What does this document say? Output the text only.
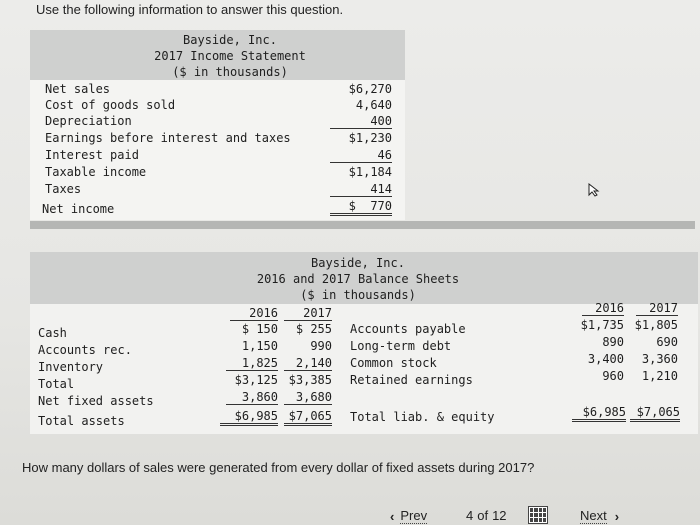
Use the following information to answer this question.
Bayside, Inc.
2017 Income Statement
($ in thousands)
Net sales	$6,270
Cost of goods sold	4,640
Depreciation	400
Earnings before interest and taxes	$1,230
Interest paid	46
Taxable income	$1,184
Taxes	414
Net income	$  770
Bayside, Inc.
2016 and 2017 Balance Sheets
($ in thousands)
2016	2017
Cash	$ 150	$ 255
Accounts rec.	1,150	990
Inventory	1,825	2,140
Total	$3,125 $3,385
Net fixed assets	3,860	3,680
Total assets	$6,985 $7,065
2016	2017
Accounts payable	$1,735 $1,805
Long-term debt	890	690
Common stock	3,400	3,360
Retained earnings	960	1,210
Total liab. & equity	$6,985 $7,065
How many dollars of sales were generated from every dollar of fixed assets during 2017?
‹ Prev	4 of 12	Next ›
